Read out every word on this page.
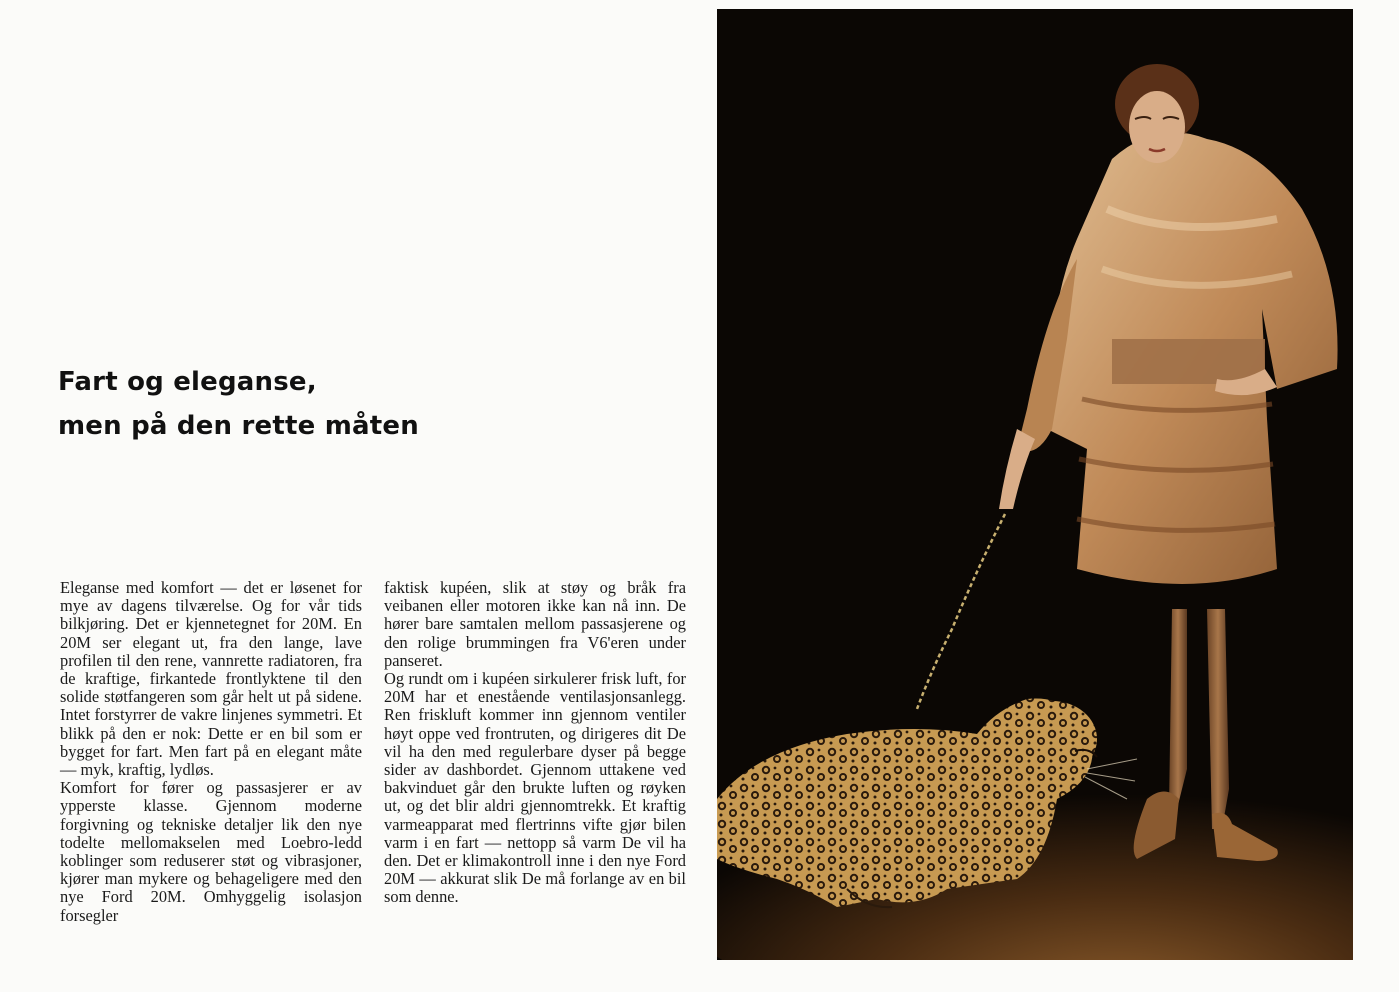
Fart og eleganse,
men på den rette måten

Eleganse med komfort — det er løsenet for mye av dagens tilværelse. Og for vår tids bilkjøring. Det er kjennetegnet for 20M. En 20M ser elegant ut, fra den lange, lave profilen til den rene, vannrette radiatoren, fra de kraftige, firkantede frontlyktene til den solide støtfangeren som går helt ut på sidene. Intet forstyrrer de vakre linjenes symmetri. Et blikk på den er nok: Dette er en bil som er bygget for fart. Men fart på en elegant måte — myk, kraftig, lydløs.

Komfort for fører og passasjerer er av ypperste klasse. Gjennom moderne forgivning og tekniske detaljer lik den nye todelte mellomakselen med Loebro-ledd koblinger som reduserer støt og vibrasjoner, kjører man mykere og behageligere med den nye Ford 20M. Omhyggelig isolasjon forsegler

faktisk kupéen, slik at støy og bråk fra veibanen eller motoren ikke kan nå inn. De hører bare samtalen mellom passasjerene og den rolige brummingen fra V6'eren under panseret.

Og rundt om i kupéen sirkulerer frisk luft, for 20M har et enestående ventilasjonsanlegg. Ren friskluft kommer inn gjennom ventiler høyt oppe ved frontruten, og dirigeres dit De vil ha den med regulerbare dyser på begge sider av dashbordet. Gjennom uttakene ved bakvinduet går den brukte luften og røyken ut, og det blir aldri gjennomtrekk. Et kraftig varmeapparat med flertrinns vifte gjør bilen varm i en fart — nettopp så varm De vil ha den. Det er klimakontroll inne i den nye Ford 20M — akkurat slik De må forlange av en bil som denne.
